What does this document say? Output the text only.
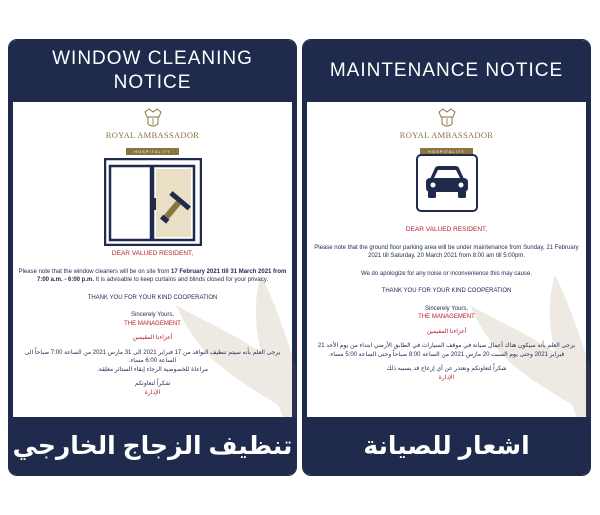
WINDOW CLEANING
NOTICE
ROYAL AMBASSADOR
HOSPITALITY
DEAR VALUED RESIDENT,
Please note that the window cleaners will be on site from 17 February 2021 till 31 March 2021 from 7:00 a.m. - 6:00 p.m. It is advisable to keep curtains and blinds closed for your privacy.
THANK YOU FOR YOUR KIND COOPERATION
Sincerely Yours,
THE MANAGEMENT
أعزاءنا المقيمين
يرجى العلم بأنه سيتم تنظيف النوافذ من 17 فبراير 2021 الى 31 مارس 2021 من الساعة 7:00 صباحاً الى الساعة 6:00 مساء.
مراعاة للخصوصية الرجاء إبقاء الستائر مغلقة.
شكراً لتعاونكم
الإدارة
تنظيف الزجاج الخارجي
MAINTENANCE NOTICE
ROYAL AMBASSADOR
HOSPITALITY
DEAR VALUED RESIDENT,
Please note that the ground floor parking area will be under maintenance from Sunday, 21 February 2021 till Saturday, 20 March 2021 from 8:00 am till 5:00pm.
We do apologize for any noise or inconvenience this may cause.
THANK YOU FOR YOUR KIND COOPERATION
Sincerely Yours,
THE MANAGEMENT
أعزاءنا المقيمين
يرجى العلم بأنه سيكون هناك أعمال صيانة في موقف السيارات في الطابق الأرضي ابتداء من يوم الأحد 21 فبراير 2021 وحتى يوم السبت 20 مارس 2021 من الساعة 8:00 صباحاً وحتى الساعة 5:00 مساء.
شكراً لتعاونكم ونعتذر عن أي إزعاج قد يسببه ذلك
الإدارة
اشعار للصيانة
